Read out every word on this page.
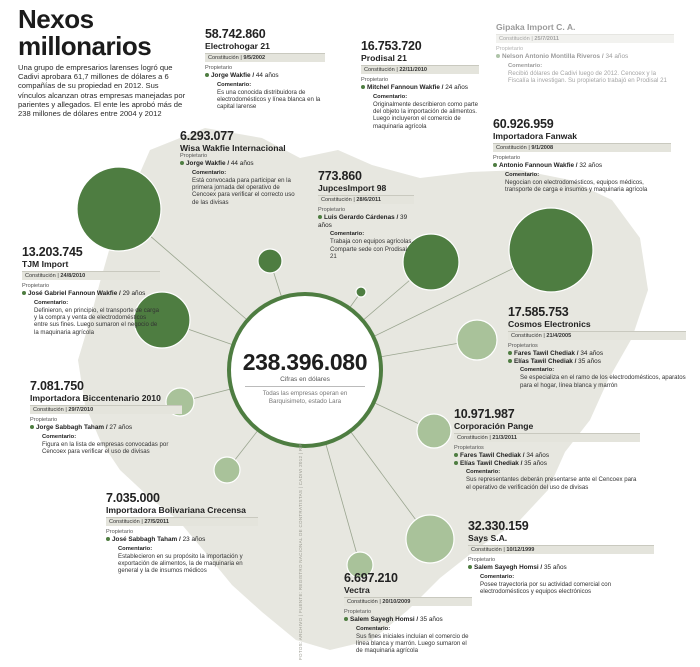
Nexos
millonarios
Una grupo de empresarios larenses logró que Cadivi aprobara 61,7 millones de dólares a 6 compañías de su propiedad en 2012. Sus vínculos alcanzan otras empresas manejadas por parientes y allegados. El ente les aprobó más de 238 millones de dólares entre 2004 y 2012
238.396.080
Cifras en dólares
Todas las empresas operan en Barquisimeto, estado Lara
58.742.860
Electrohogar 21
Constitución | 9/5/2002
Propietario
Jorge Wakfie / 44 años
Comentario:
Es una conocida distribuidora de electrodomésticos y línea blanca en la capital larense
16.753.720
Prodisal 21
Constitución | 22/11/2010
Propietario
Mitchel Fannoun Wakfie / 24 años
Comentario:
Originalmente describieron como parte del objeto la importación de alimentos. Luego incluyeron el comercio de maquinaria agrícola
Gipaka Import C. A.
Constitución | 25/7/2011
Propietario
Nelson Antonio Montilla Riveros / 34 años
Comentario:
Recibió dólares de Cadivi luego de 2012. Cencoex y la Fiscalía la investigan. Su propietario trabajó en Prodisal 21
6.293.077
Wisa Wakfie Internacional
Propietario
Jorge Wakfie / 44 años
Comentario:
Está convocada para participar en la primera jornada del operativo de Cencoex para verificar el correcto uso de las divisas
60.926.959
Importadora Fanwak
Constitución | 9/1/2008
Propietario
Antonio Fannoun Wakfie / 32 años
Comentario:
Negocian con electrodomésticos, equipos médicos, transporte de carga e insumos y maquinaria agrícola
773.860
JupcesImport 98
Constitución | 28/6/2011
Propietario
Luis Gerardo Cárdenas / 39 años
Comentario:
Trabaja con equipos agrícolas. Comparte sede con Prodisal 21
13.203.745
TJM Import
Constitución | 24/8/2010
Propietario
José Gabriel Fannoun Wakfie / 29 años
Comentario:
Definieron, en principio, el transporte de carga y la compra y venta de electrodomésticos entre sus fines. Luego sumaron el negocio de la maquinaria agrícola
17.585.753
Cosmos Electronics
Constitución | 21/4/2005
Propietarios
Fares Tawil Chediak / 34 años
Elías Tawil Chediak / 35 años
Comentario:
Se especializa en el ramo de los electrodomésticos, aparatos para el hogar, línea blanca y marrón
7.081.750
Importadora Biccentenario 2010
Constitución | 29/7/2010
Propietario
Jorge Sabbagh Taham / 27 años
Comentario:
Figura en la lista de empresas convocadas por Cencoex para verificar el uso de divisas
10.971.987
Corporación Pange
Constitución | 21/3/2011
Propietarios
Fares Tawil Chediak / 34 años
Elías Tawil Chediak / 35 años
Comentario:
Sus representantes deberán presentarse ante el Cencoex para el operativo de verificación del uso de divisas
7.035.000
Importadora Bolivariana Crecensa
Constitución | 27/5/2011
Propietario
José Sabbagh Taham / 23 años
Comentario:
Establecieron en su propósito la importación y exportación de alimentos, la de maquinaria en general y la de insumos médicos
32.330.159
Says S.A.
Constitución | 10/12/1999
Propietario
Salem Sayegh Homsi / 35 años
Comentario:
Posee trayectoria por su actividad comercial con electrodomésticos y equipos electrónicos
6.697.210
Vectra
Constitución | 20/10/2009
Propietario
Salem Sayegh Homsi / 35 años
Comentario:
Sus fines iniciales incluían el comercio de línea blanca y marrón. Luego sumaron el de maquinaria agrícola
FOTOS: ARCHIVO | FUENTE: REGISTRO NACIONAL DE CONTRATISTAS | CADIVI 2012 | RIF
